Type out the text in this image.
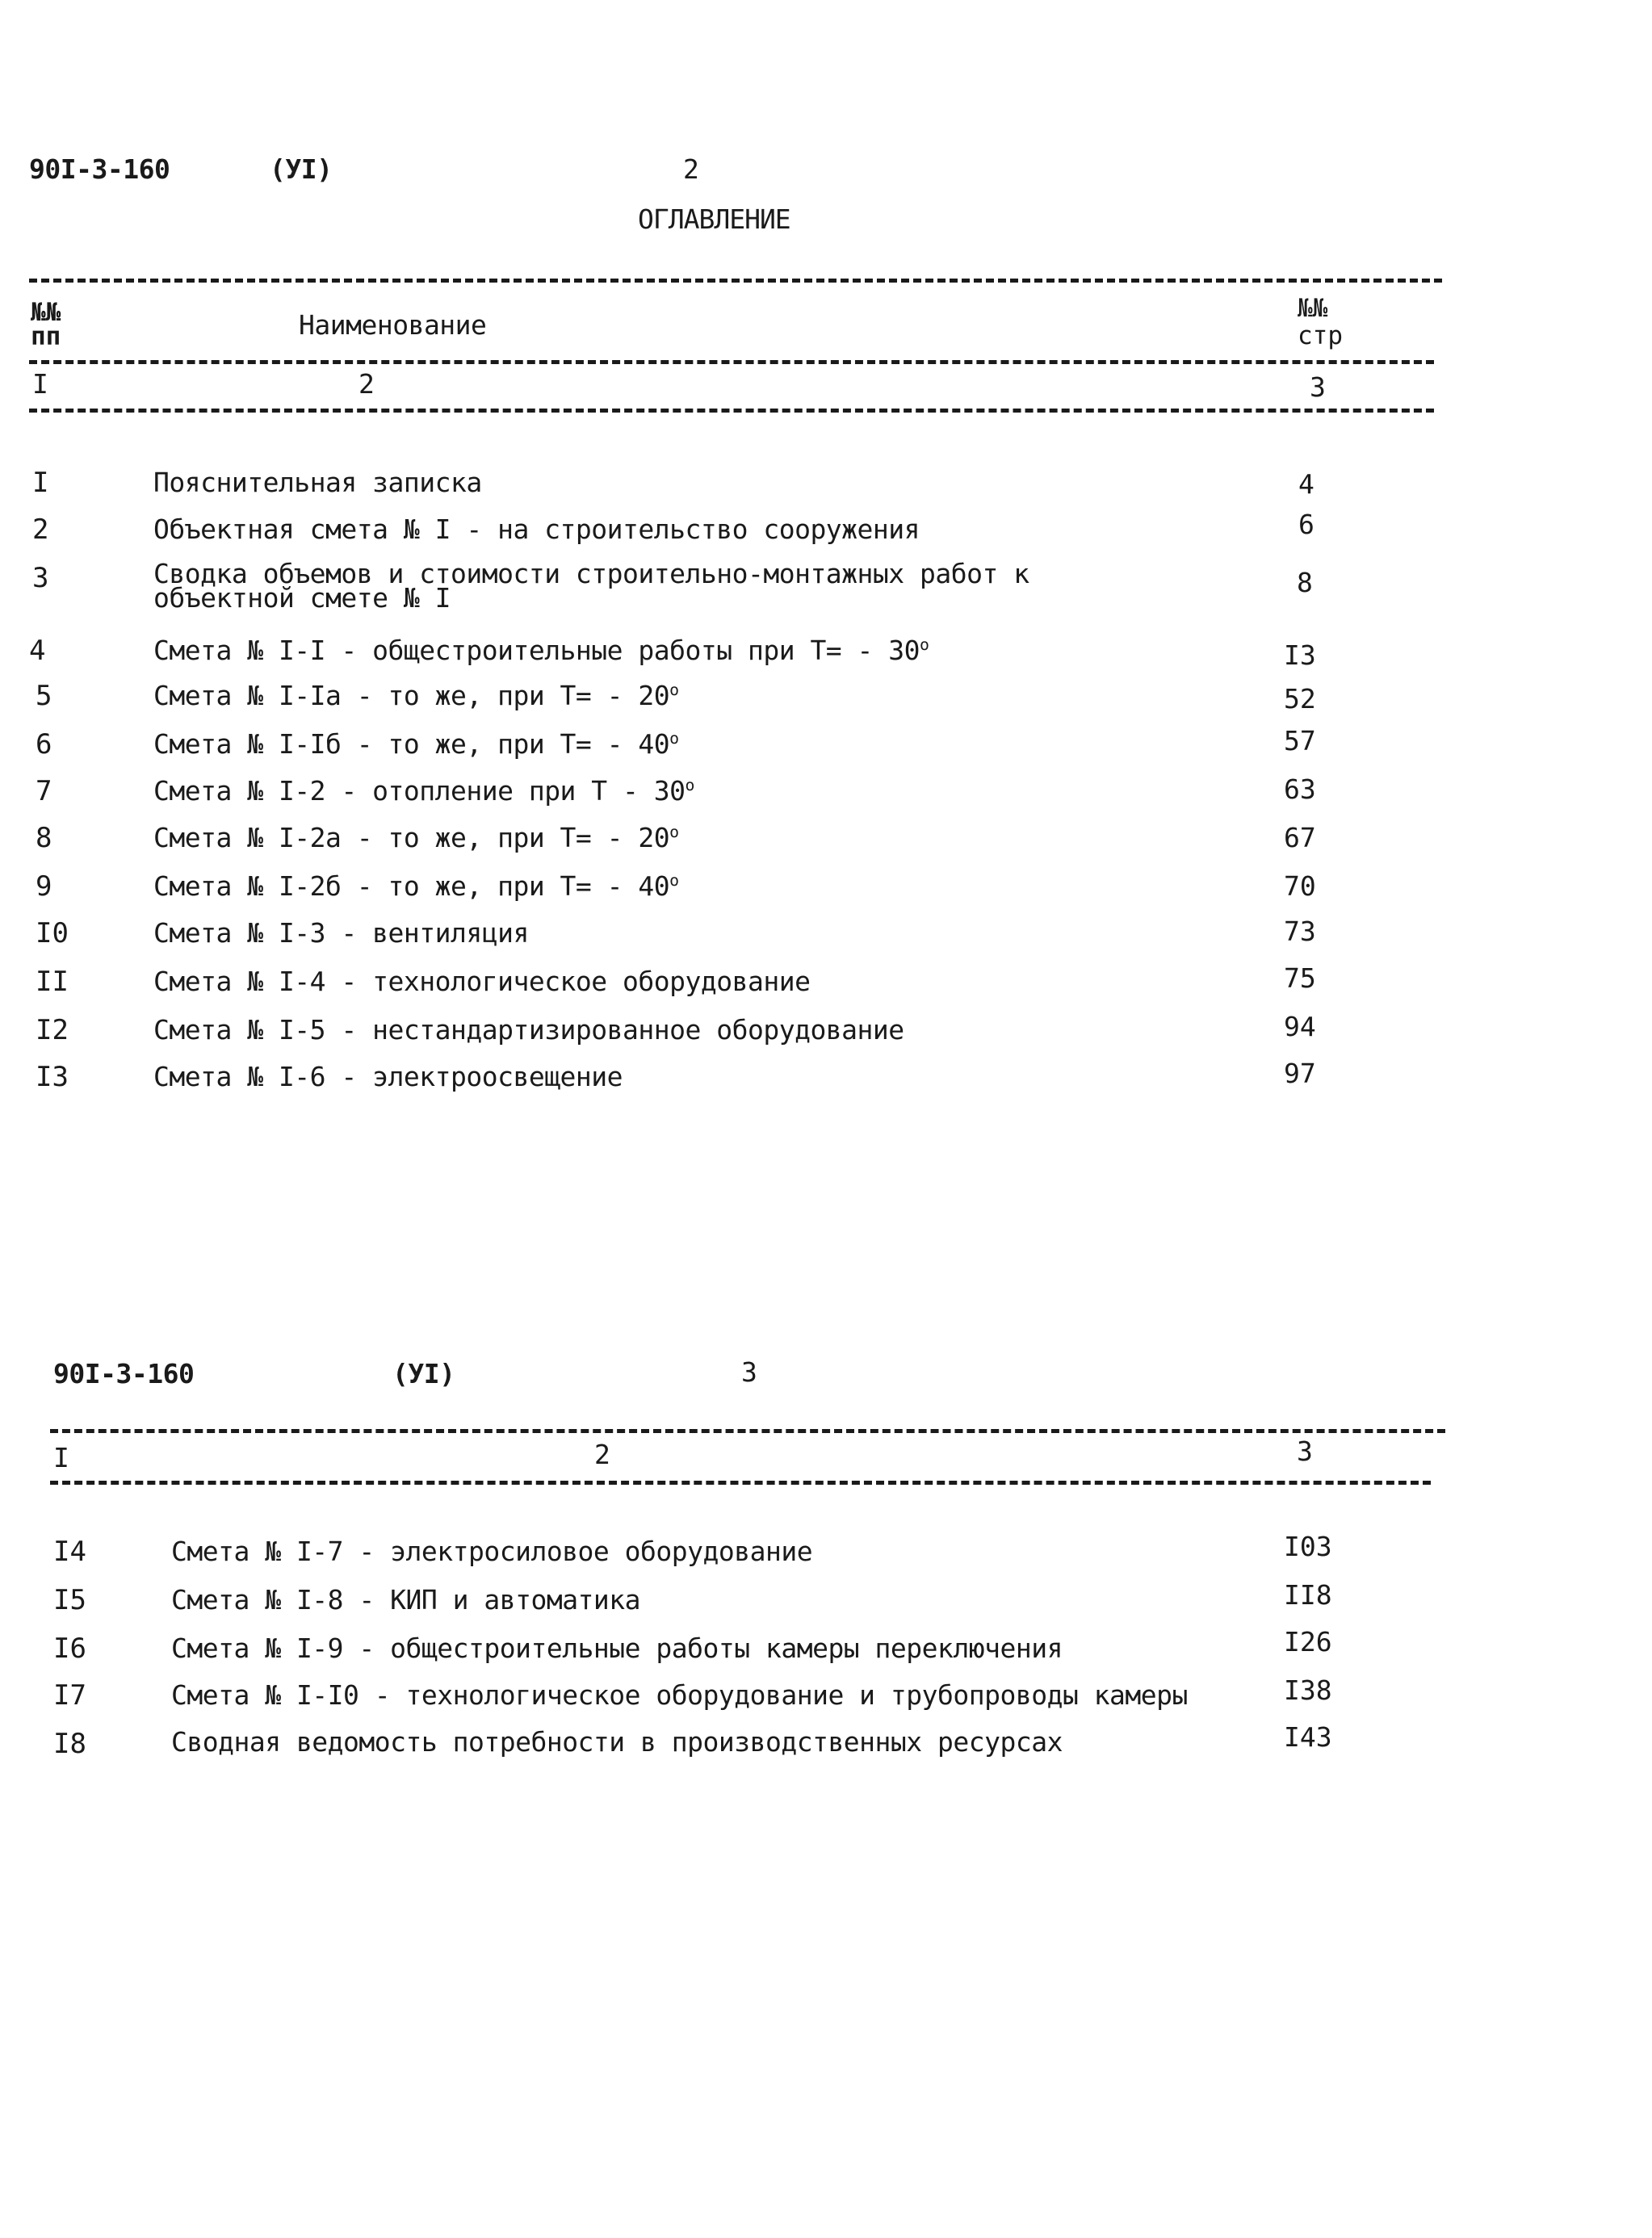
90I-3-160	(УI)	2
ОГЛАВЛЕНИЕ
№№
пп	Наименование
№№
стр
I	2	3
I	Пояснительная записка	4
2	Объектная смета № I - на строительство сооружения	6
3	Сводка объемов и стоимости строительно-монтажных работ к
объектной смете № I	8
4	Смета № I-I - общестроительные работы при $Т= - 30^о$	I3
5	Смета № I-Iа - то же, при $Т= - 20^о$	52
6	Смета № I-Iб - то же, при $Т= - 40^о$	57
7	Смета № I-2 - отопление при Т - $30^о$	63
8	Смета № I-2а - то же, при $Т= - 20^о$	67
9	Смета № I-2б - то же, при $Т= - 40^о$	70
I0	Смета № I-3 - вентиляция	73
II	Смета № I-4 - технологическое оборудование	75
I2	Смета № I-5 - нестандартизированное оборудование	94
I3	Смета № I-6 - электроосвещение	97
90I-3-160	(УI)	3
I	2	3
I4	Смета № I-7 - электросиловое оборудование	I03
I5	Смета № I-8 - КИП и автоматика	II8
I6	Смета № I-9 - общестроительные работы камеры переключения	I26
I7	Смета № I-I0 - технологическое оборудование и трубопроводы камеры	I38
I8	Сводная ведомость потребности в производственных ресурсах	I43
